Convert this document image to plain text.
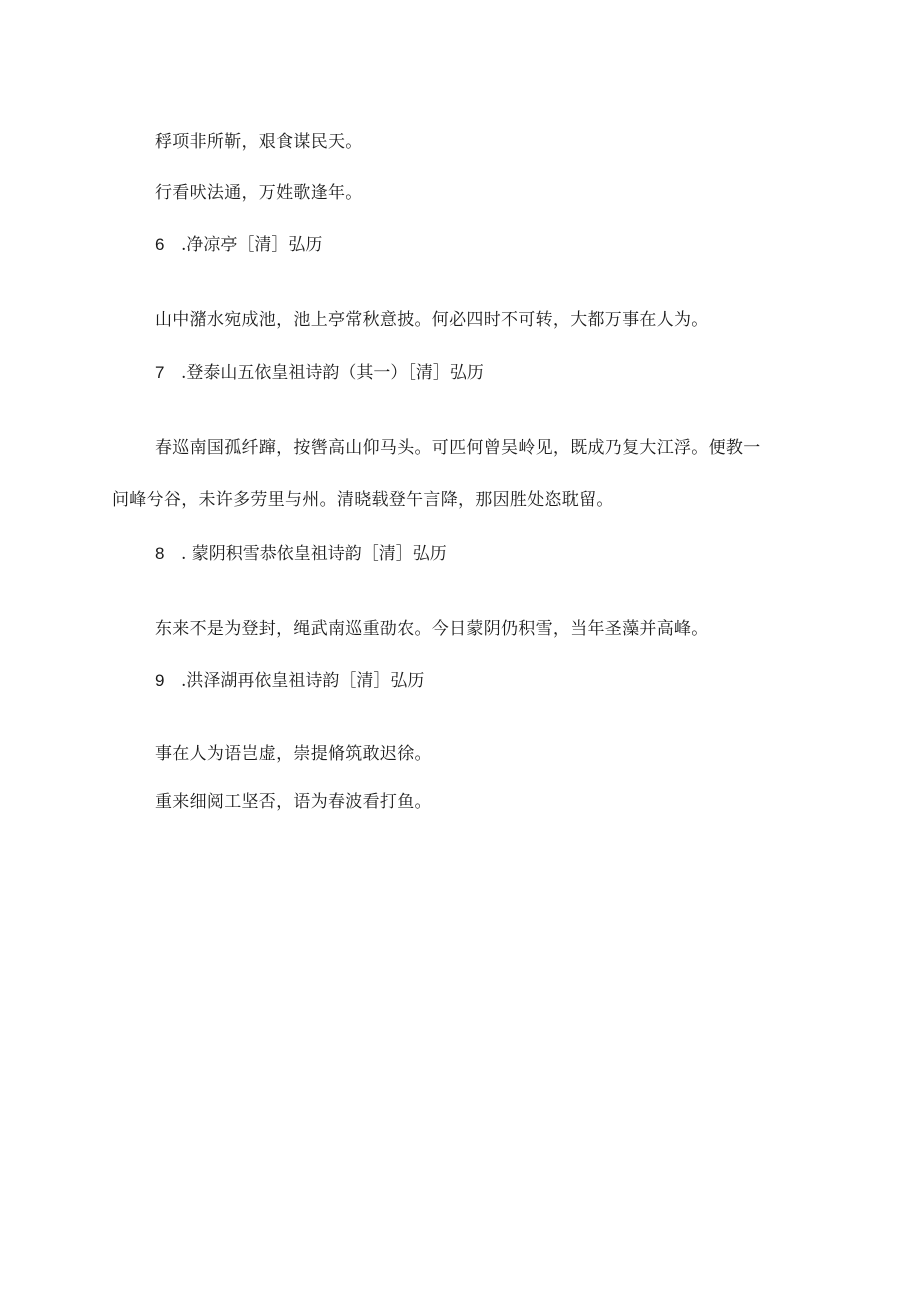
稃项非所靳，艰食谋民天。
行看吠法通，万姓歌逢年。
6 .净凉亭［清］弘历
山中潴水宛成池，池上亭常秋意披。何必四时不可转，大都万事在人为。
7 .登泰山五依皇祖诗韵（其一）［清］弘历
春巡南国孤纤蹿，按辔高山仰马头。可匹何曾吴岭见，既成乃复大江浮。便教一
问峰兮谷，未许多劳里与州。清晓载登午言降，那因胜处恣耽留。
8 . 蒙阴积雪恭依皇祖诗韵［清］弘历
东来不是为登封，绳武南巡重劭农。今日蒙阴仍积雪，当年圣藻并高峰。
9 .洪泽湖再依皇祖诗韵［清］弘历
事在人为语岂虚，崇提脩筑敢迟徐。
重来细阅工坚否，语为春波看打鱼。
